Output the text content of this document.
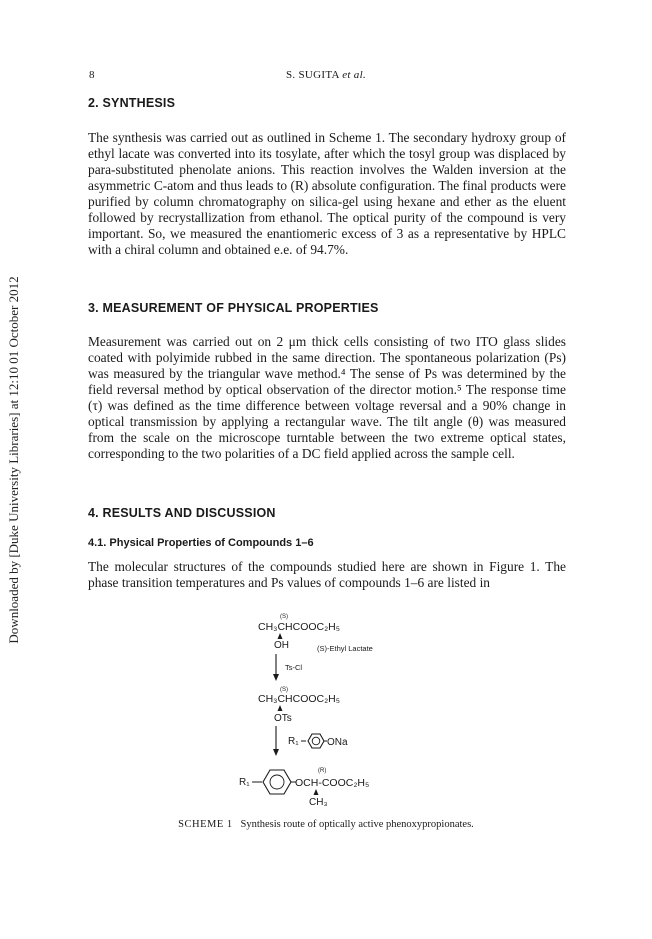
Downloaded by [Duke University Libraries] at 12:10 01 October 2012
8	S. SUGITA et al.
2. SYNTHESIS

The synthesis was carried out as outlined in Scheme 1. The secondary hydroxy group of ethyl lacate was converted into its tosylate, after which the tosyl group was displaced by para-substituted phenolate anions. This reaction involves the Walden inversion at the asymmetric C-atom and thus leads to (R) absolute configuration. The final products were purified by column chromatography on silica-gel using hexane and ether as the eluent followed by recrystallization from ethanol. The optical purity of the compound is very important. So, we measured the enantiomeric excess of 3 as a representative by HPLC with a chiral column and obtained e.e. of 94.7%.

3. MEASUREMENT OF PHYSICAL PROPERTIES

Measurement was carried out on 2 μm thick cells consisting of two ITO glass slides coated with polyimide rubbed in the same direction. The spontaneous polarization (Ps) was measured by the triangular wave method.⁴ The sense of Ps was determined by the field reversal method by optical observation of the director motion.⁵ The response time (τ) was defined as the time difference between voltage reversal and a 90% change in optical transmission by applying a rectangular wave. The tilt angle (θ) was measured from the scale on the microscope turntable between the two extreme optical states, corresponding to the two polarities of a DC field applied across the sample cell.

4. RESULTS AND DISCUSSION
4.1. Physical Properties of Compounds 1–6

The molecular structures of the compounds studied here are shown in Figure 1. The phase transition temperatures and Ps values of compounds 1–6 are listed in

(S)
CH₃CHCOOC₂H₅
OH	(S)-Ethyl Lactate
Ts-Cl
(S)
CH₃CHCOOC₂H₅
OTs
R₁	ONa
R₁
(R)
OCH-COOC₂H₅
CH₃
SCHEME 1 Synthesis route of optically active phenoxypropionates.
